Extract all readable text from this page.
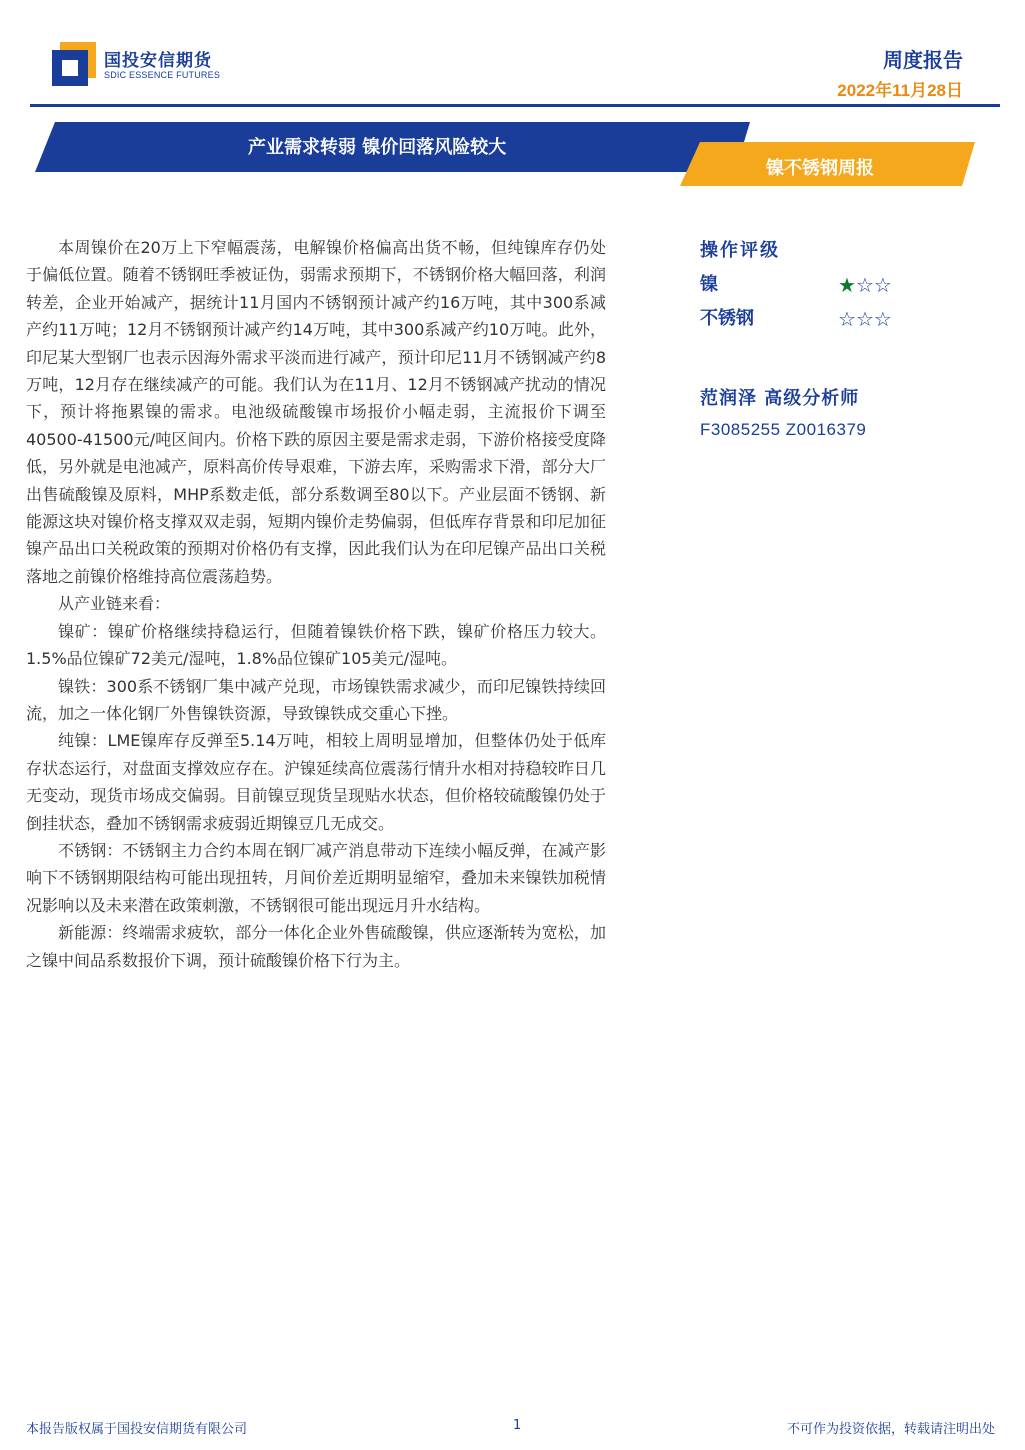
国投安信期货
SDIC ESSENCE FUTURES
周度报告
2022年11月28日
产业需求转弱 镍价回落风险较大
镍不锈钢周报

本周镍价在20万上下窄幅震荡，电解镍价格偏高出货不畅，但纯镍库存仍处于偏低位置。随着不锈钢旺季被证伪，弱需求预期下，不锈钢价格大幅回落，利润转差，企业开始减产，据统计11月国内不锈钢预计减产约16万吨，其中300系减产约11万吨；12月不锈钢预计减产约14万吨，其中300系减产约10万吨。此外，印尼某大型钢厂也表示因海外需求平淡而进行减产，预计印尼11月不锈钢减产约8万吨，12月存在继续减产的可能。我们认为在11月、12月不锈钢减产扰动的情况下，预计将拖累镍的需求。电池级硫酸镍市场报价小幅走弱，主流报价下调至40500-41500元/吨区间内。价格下跌的原因主要是需求走弱，下游价格接受度降低，另外就是电池减产，原料高价传导艰难，下游去库，采购需求下滑，部分大厂出售硫酸镍及原料，MHP系数走低，部分系数调至80以下。产业层面不锈钢、新能源这块对镍价格支撑双双走弱，短期内镍价走势偏弱，但低库存背景和印尼加征镍产品出口关税政策的预期对价格仍有支撑，因此我们认为在印尼镍产品出口关税落地之前镍价格维持高位震荡趋势。

从产业链来看：

镍矿：镍矿价格继续持稳运行，但随着镍铁价格下跌，镍矿价格压力较大。1.5%品位镍矿72美元/湿吨，1.8%品位镍矿105美元/湿吨。

镍铁：300系不锈钢厂集中减产兑现，市场镍铁需求减少，而印尼镍铁持续回流，加之一体化钢厂外售镍铁资源，导致镍铁成交重心下挫。

纯镍：LME镍库存反弹至5.14万吨，相较上周明显增加，但整体仍处于低库存状态运行，对盘面支撑效应存在。沪镍延续高位震荡行情升水相对持稳较昨日几无变动，现货市场成交偏弱。目前镍豆现货呈现贴水状态，但价格较硫酸镍仍处于倒挂状态，叠加不锈钢需求疲弱近期镍豆几无成交。

不锈钢：不锈钢主力合约本周在钢厂减产消息带动下连续小幅反弹，在减产影响下不锈钢期限结构可能出现扭转，月间价差近期明显缩窄，叠加未来镍铁加税情况影响以及未来潜在政策刺激，不锈钢很可能出现远月升水结构。

新能源：终端需求疲软，部分一体化企业外售硫酸镍，供应逐渐转为宽松，加之镍中间品系数报价下调，预计硫酸镍价格下行为主。

操作评级
镍	★☆☆
不锈钢	☆☆☆
范润泽 高级分析师
F3085255 Z0016379
本报告版权属于国投安信期货有限公司	1	不可作为投资依据，转载请注明出处
